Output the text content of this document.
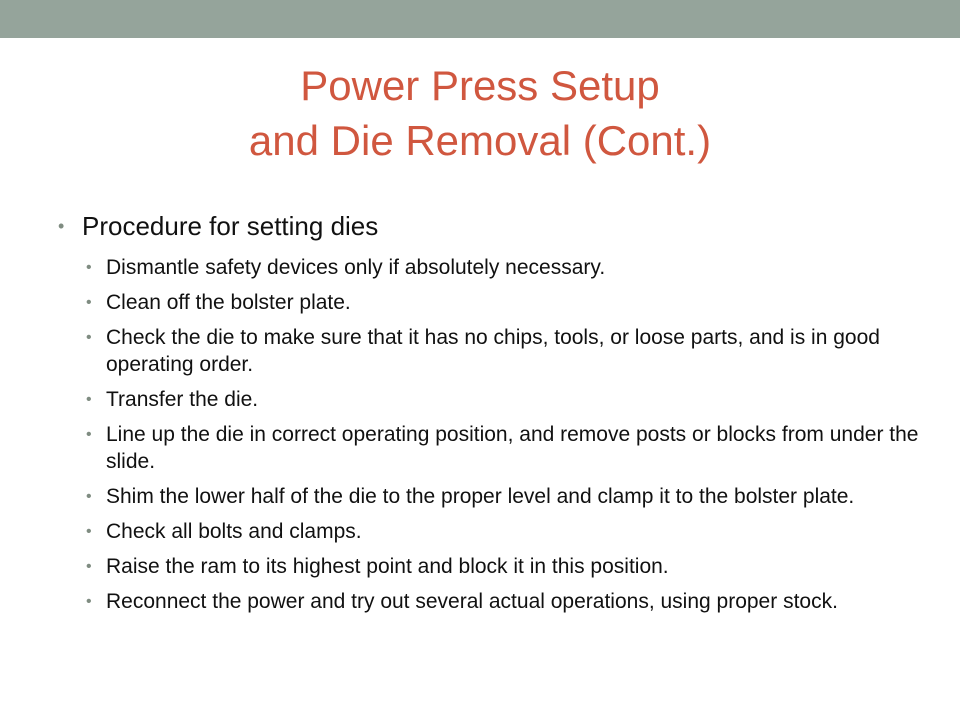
Power Press Setup
and Die Removal (Cont.)
• Procedure for setting dies
• Dismantle safety devices only if absolutely necessary.
• Clean off the bolster plate.
• Check the die to make sure that it has no chips, tools, or loose parts, and is in good operating order.
• Transfer the die.
• Line up the die in correct operating position, and remove posts or blocks from under the slide.
• Shim the lower half of the die to the proper level and clamp it to the bolster plate.
• Check all bolts and clamps.
• Raise the ram to its highest point and block it in this position.
• Reconnect the power and try out several actual operations, using proper stock.
